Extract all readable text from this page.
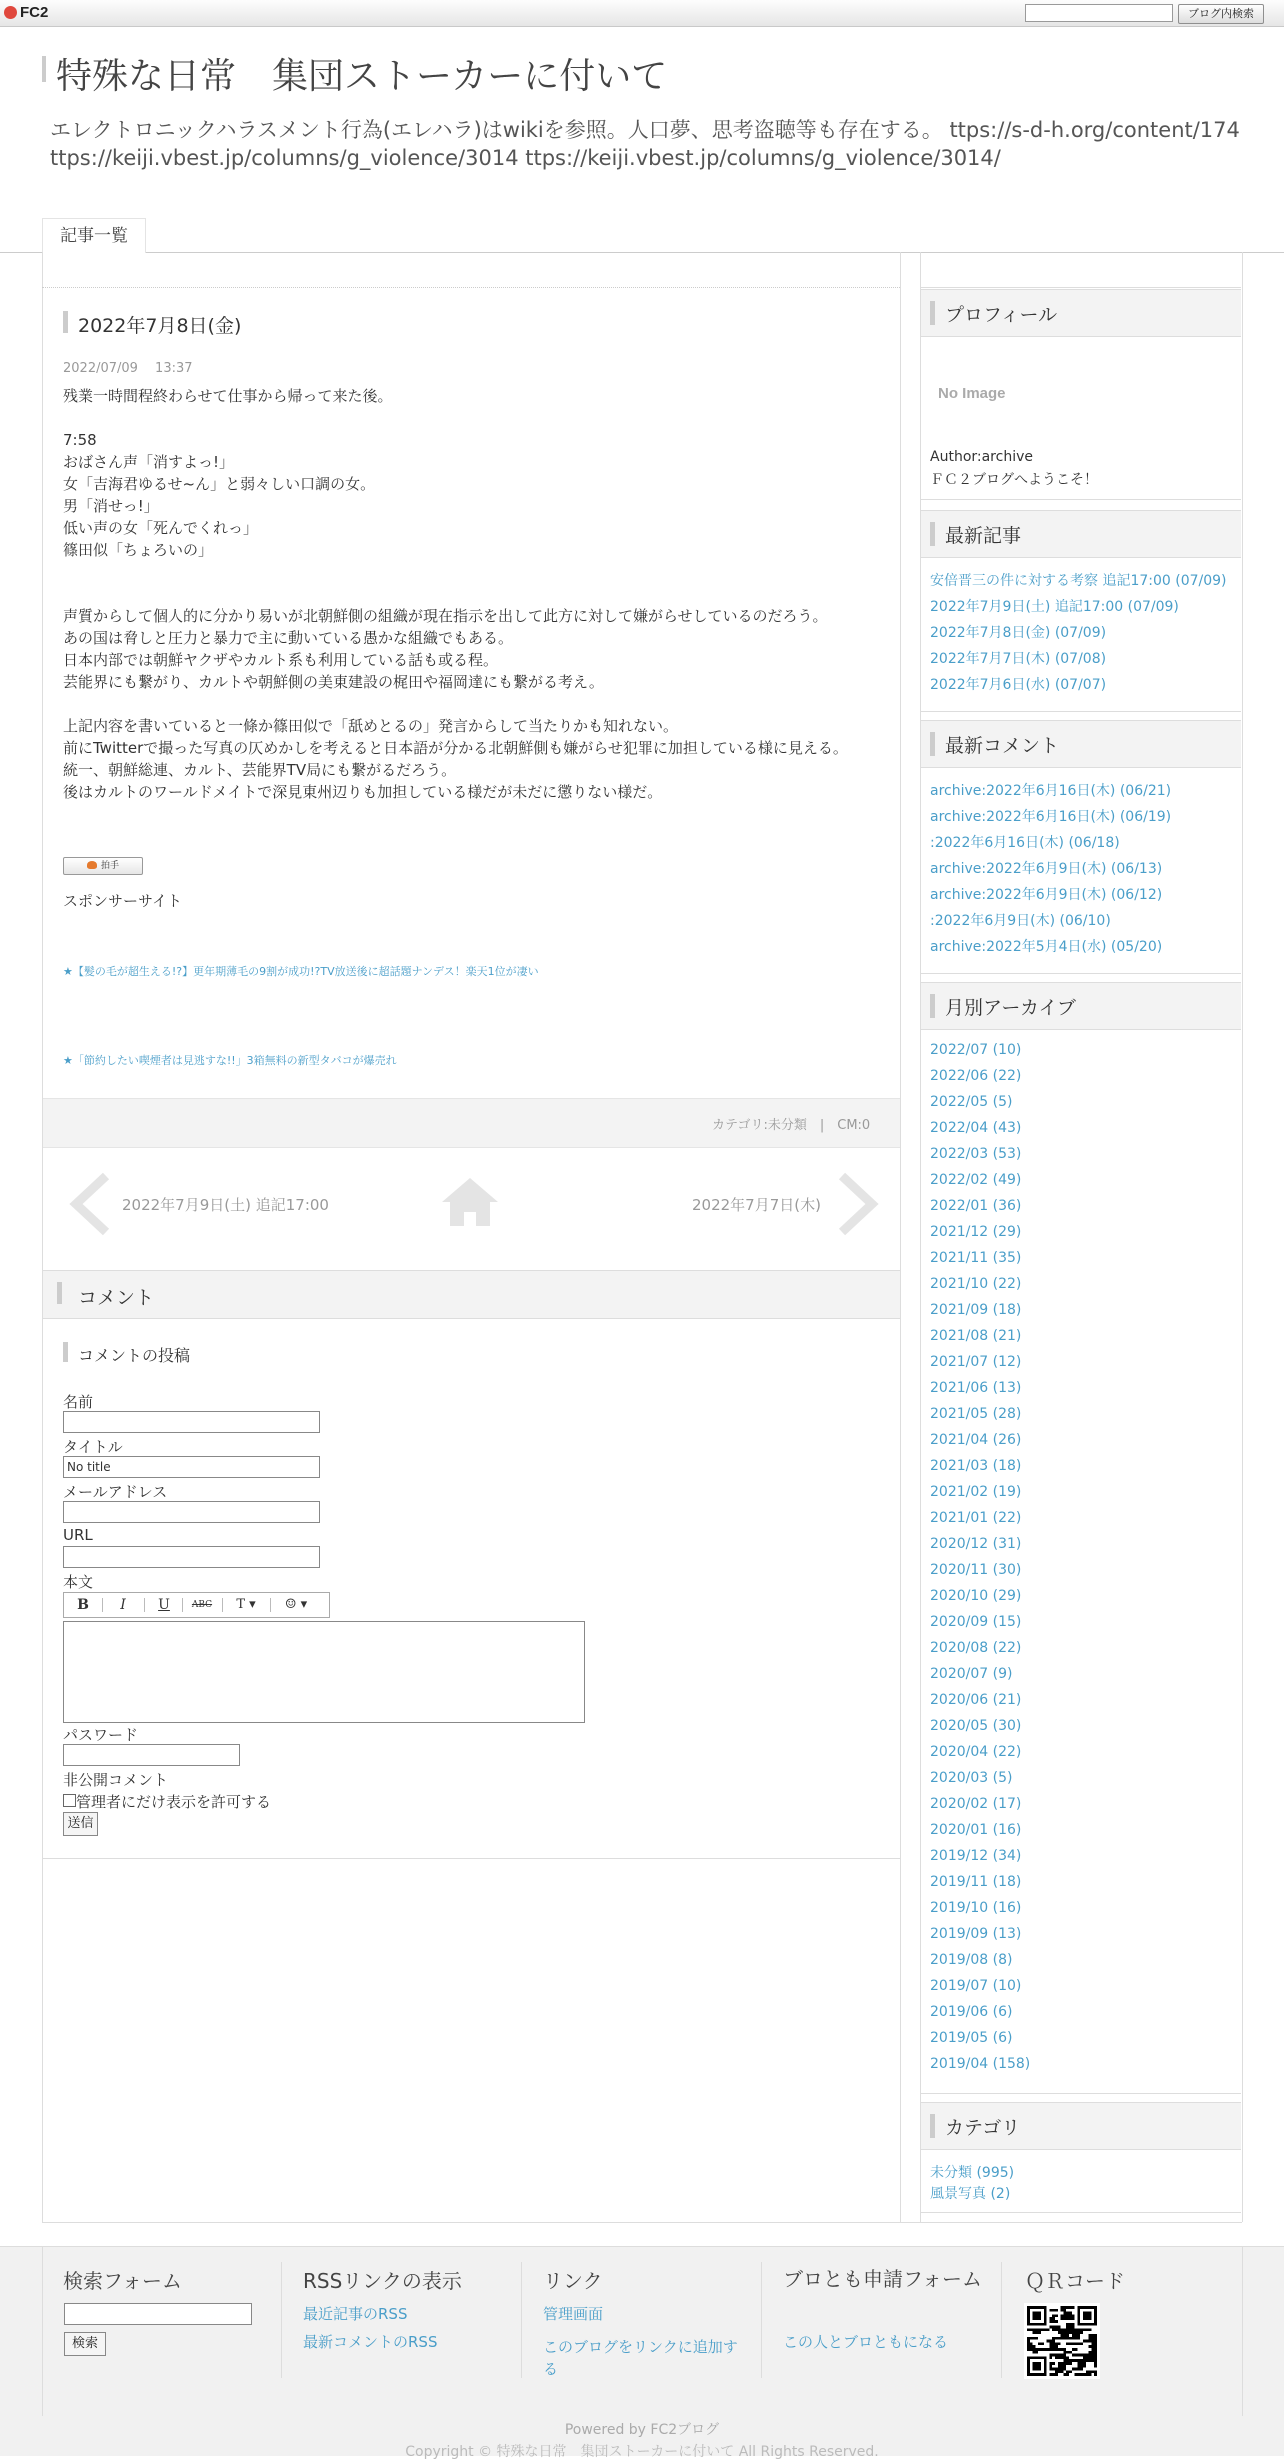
FC2	ブログ内検索
特殊な日常　集団ストーカーに付いて
エレクトロニックハラスメント行為(エレハラ)はwikiを参照。人口夢、思考盗聴等も存在する。 ttps://s-d-h.org/content/174 ttps://keiji.vbest.jp/columns/g_violence/3014 ttps://keiji.vbest.jp/columns/g_violence/3014/
記事一覧
2022年7月8日(金)
2022/07/09　 13:37
残業一時間程終わらせて仕事から帰って来た後。
7:58
おばさん声「消すよっ!」
女「吉海君ゆるせ~ん」と弱々しい口調の女。
男「消せっ!」
低い声の女「死んでくれっ」
篠田似「ちょろいの」
声質からして個人的に分かり易いが北朝鮮側の組織が現在指示を出して此方に対して嫌がらせしているのだろう。
あの国は脅しと圧力と暴力で主に動いている愚かな組織でもある。
日本内部では朝鮮ヤクザやカルト系も利用している話も或る程。
芸能界にも繋がり、カルトや朝鮮側の美東建設の梶田や福岡達にも繋がる考え。
上記内容を書いていると一條か篠田似で「舐めとるの」発言からして当たりかも知れない。
前にTwitterで撮った写真の仄めかしを考えると日本語が分かる北朝鮮側も嫌がらせ犯罪に加担している様に見える。
統一、朝鮮総連、カルト、芸能界TV局にも繋がるだろう。
後はカルトのワールドメイトで深見東州辺りも加担している様だが未だに懲りない様だ。
拍手
スポンサーサイト
★【髪の毛が超生える!?】更年期薄毛の9割が成功!?TV放送後に超話題ナンデス！楽天1位が凄い
★「節約したい喫煙者は見逃すな!!」3箱無料の新型タバコが爆売れ
カテゴリ:未分類　|　CM:0
2022年7月9日(土) 追記17:00	2022年7月7日(木)
コメント
コメントの投稿
名前
タイトル
No title
メールアドレス
URL
本文
B	I	U	ABC	T ▾	☺ ▾
パスワード
非公開コメント
管理者にだけ表示を許可する
送信
プロフィール
No Image
Author:archive
ＦＣ２ブログへようこそ！
最新記事
安倍晋三の件に対する考察 追記17:00 (07/09)
2022年7月9日(土) 追記17:00 (07/09)
2022年7月8日(金) (07/09)
2022年7月7日(木) (07/08)
2022年7月6日(水) (07/07)
最新コメント
archive:2022年6月16日(木) (06/21)
archive:2022年6月16日(木) (06/19)
:2022年6月16日(木) (06/18)
archive:2022年6月9日(木) (06/13)
archive:2022年6月9日(木) (06/12)
:2022年6月9日(木) (06/10)
archive:2022年5月4日(水) (05/20)
月別アーカイブ
2022/07 (10)
2022/06 (22)
2022/05 (5)
2022/04 (43)
2022/03 (53)
2022/02 (49)
2022/01 (36)
2021/12 (29)
2021/11 (35)
2021/10 (22)
2021/09 (18)
2021/08 (21)
2021/07 (12)
2021/06 (13)
2021/05 (28)
2021/04 (26)
2021/03 (18)
2021/02 (19)
2021/01 (22)
2020/12 (31)
2020/11 (30)
2020/10 (29)
2020/09 (15)
2020/08 (22)
2020/07 (9)
2020/06 (21)
2020/05 (30)
2020/04 (22)
2020/03 (5)
2020/02 (17)
2020/01 (16)
2019/12 (34)
2019/11 (18)
2019/10 (16)
2019/09 (13)
2019/08 (8)
2019/07 (10)
2019/06 (6)
2019/05 (6)
2019/04 (158)
カテゴリ
未分類 (995)
風景写真 (2)
検索フォーム
検索
RSSリンクの表示
最近記事のRSS
最新コメントのRSS
リンク
管理画面
このブログをリンクに追加する
ブロとも申請フォーム
この人とブロともになる
ＱＲコード
Powered by FC2ブログ
Copyright © 特殊な日常　集団ストーカーに付いて All Rights Reserved.
